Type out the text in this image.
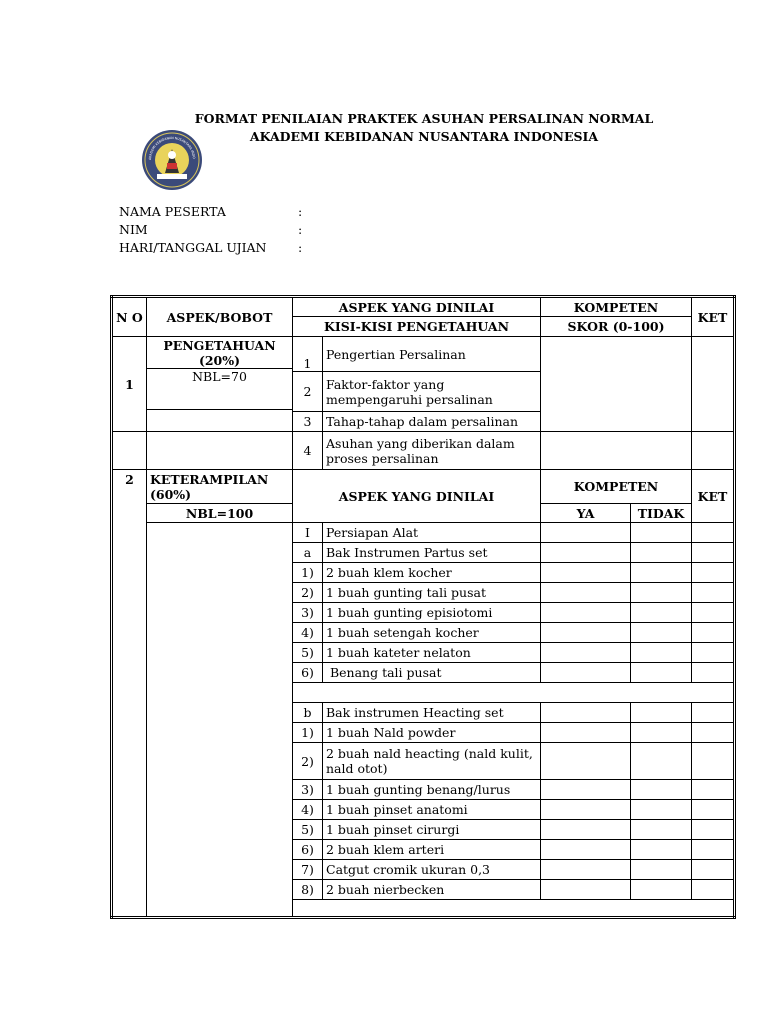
FORMAT PENILAIAN PRAKTEK ASUHAN PERSALINAN NORMAL
AKADEMI KEBIDANAN NUSANTARA INDONESIA
AKADEMI KEBIDANAN NUSANTARA INDO
NAMA PESERTA	:
NIM	:
HARI/TANGGAL UJIAN	:
N O	ASPEK/BOBOT	ASPEK YANG DINILAI		KOMPETEN		KET
		KISI-KISI PENGETAHUAN		SKOR (0-100)		
1	PENGETAHUAN (20%)	1	Pengertian Persalinan			
	NBL=70					
		2	Faktor-faktor yang mempengaruhi persalinan			

		3	Tahap-tahap dalam persalinan			
		4	Asuhan yang diberikan dalam proses persalinan			
2	KETERAMPILAN (60%)	ASPEK YANG DINILAI		KOMPETEN		KET
	NBL=100			YA	TIDAK	
		I	Persiapan Alat			
		a	Bak Instrumen Partus set			
		1)	2 buah klem kocher			
		2)	1 buah gunting tali pusat			
		3)	1 buah gunting episiotomi			
		4)	1 buah setengah kocher			
		5)	1 buah kateter nelaton			
		6)	Benang tali pusat			

		b	Bak instrumen Heacting set			
		1)	1 buah Nald powder			
		2)	2 buah nald heacting (nald kulit, nald otot)			
		3)	1 buah gunting benang/lurus			
		4)	1 buah pinset anatomi			
		5)	1 buah pinset cirurgi			
		6)	2 buah klem arteri			
		7)	Catgut cromik ukuran 0,3			
		8)	2 buah nierbecken			
